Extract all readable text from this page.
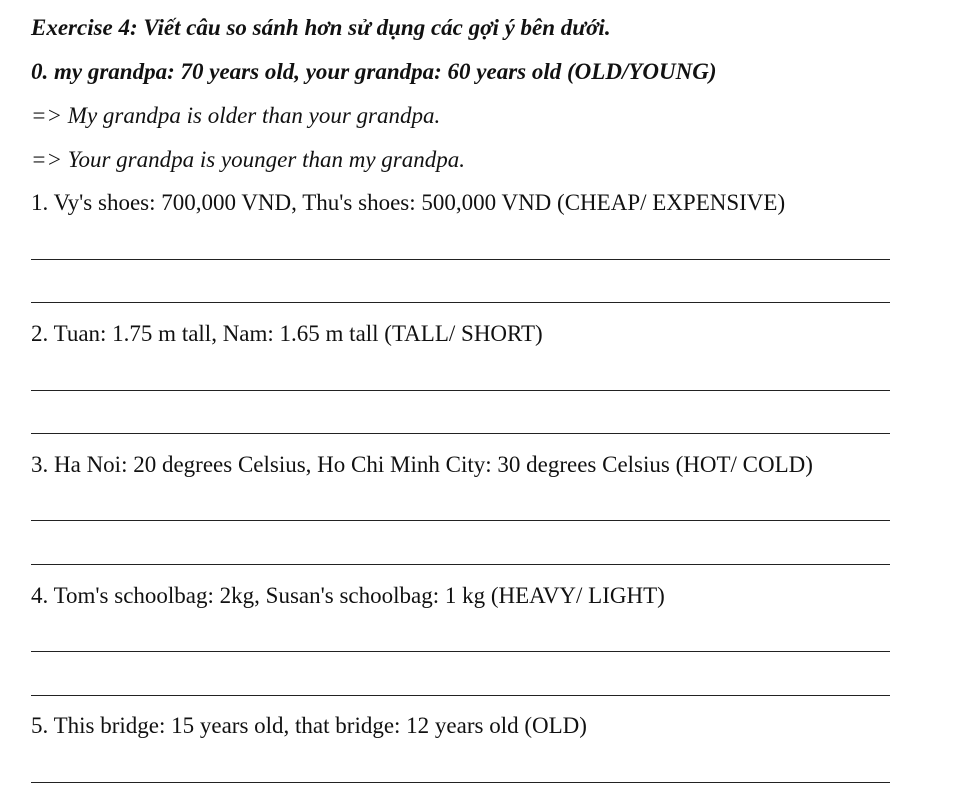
Exercise 4: Viết câu so sánh hơn sử dụng các gợi ý bên dưới.
0. my grandpa: 70 years old, your grandpa: 60 years old (OLD/YOUNG)
=> My grandpa is older than your grandpa.
=> Your grandpa is younger than my grandpa.
1. Vy's shoes: 700,000 VND, Thu's shoes: 500,000 VND (CHEAP/ EXPENSIVE)
2. Tuan: 1.75 m tall, Nam: 1.65 m tall (TALL/ SHORT)
3. Ha Noi: 20 degrees Celsius, Ho Chi Minh City: 30 degrees Celsius (HOT/ COLD)
4. Tom's schoolbag: 2kg, Susan's schoolbag: 1 kg (HEAVY/ LIGHT)
5. This bridge: 15 years old, that bridge: 12 years old (OLD)
